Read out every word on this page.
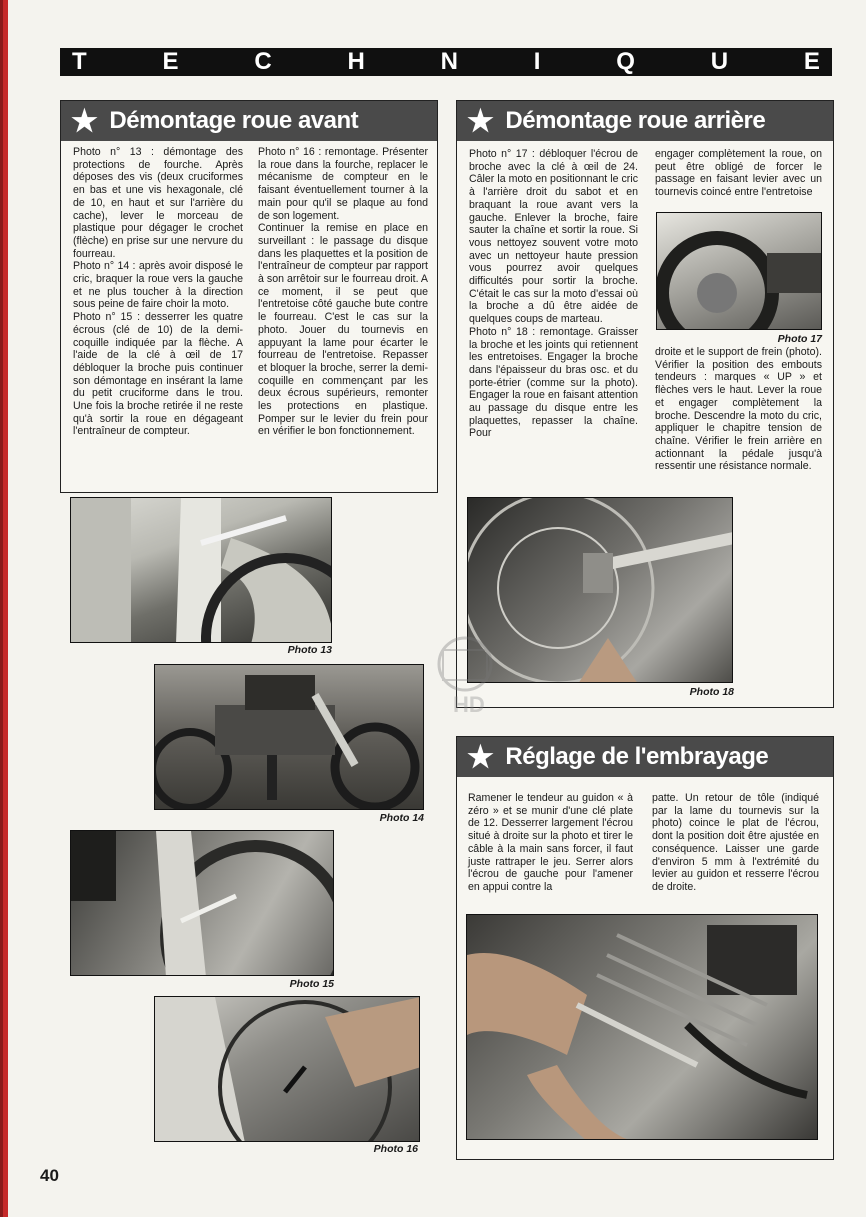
T	E	C	H	N	I	Q	U	E
★ Démontage roue avant

Photo n° 13 : démontage des protections de fourche. Après déposes des vis (deux cruciformes en bas et une vis hexagonale, clé de 10, en haut et sur l'arrière du cache), lever le morceau de plastique pour dégager le crochet (flèche) en prise sur une nervure du fourreau.

Photo n° 14 : après avoir disposé le cric, braquer la roue vers la gauche et ne plus toucher à la direction sous peine de faire choir la moto.

Photo n° 15 : desserrer les quatre écrous (clé de 10) de la demi-coquille indiquée par la flèche. A l'aide de la clé à œil de 17 débloquer la broche puis continuer son démontage en insérant la lame du petit cruciforme dans le trou. Une fois la broche retirée il ne reste qu'à sortir la roue en dégageant l'entraîneur de compteur.

Photo n° 16 : remontage. Présenter la roue dans la fourche, replacer le mécanisme de compteur en le faisant éventuellement tourner à la main pour qu'il se plaque au fond de son logement.

Continuer la remise en place en surveillant : le passage du disque dans les plaquettes et la position de l'entraîneur de compteur par rapport à son arrêtoir sur le fourreau droit. A ce moment, il se peut que l'entretoise côté gauche bute contre le fourreau. C'est le cas sur la photo. Jouer du tournevis en appuyant la lame pour écarter le fourreau de l'entretoise. Repasser et bloquer la broche, serrer la demi-coquille en commençant par les deux écrous supérieurs, remonter les protections en plastique. Pomper sur le levier du frein pour en vérifier le bon fonctionnement.

Photo 13
Photo 14
Photo 15
Photo 16
★ Démontage roue arrière

Photo n° 17 : débloquer l'écrou de broche avec la clé à œil de 24. Câler la moto en positionnant le cric à l'arrière droit du sabot et en braquant la roue avant vers la gauche. Enlever la broche, faire sauter la chaîne et sortir la roue. Si vous nettoyez souvent votre moto avec un nettoyeur haute pression vous pourrez avoir quelques difficultés pour sortir la broche. C'était le cas sur la moto d'essai où la broche a dû être aidée de quelques coups de marteau.

Photo n° 18 : remontage. Graisser la broche et les joints qui retiennent les entretoises. Engager la broche dans l'épaisseur du bras osc. et du porte-étrier (comme sur la photo). Engager la roue en faisant attention au passage du disque entre les plaquettes, repasser la chaîne. Pour

engager complètement la roue, on peut être obligé de forcer le passage en faisant levier avec un tournevis coincé entre l'entretoise

Photo 17

droite et le support de frein (photo). Vérifier la position des embouts tendeurs : marques « UP » et flèches vers le haut. Lever la roue et engager complètement la broche. Descendre la moto du cric, appliquer le chapitre tension de chaîne. Vérifier le frein arrière en actionnant la pédale jusqu'à ressentir une résistance normale.

Photo 18
★ Réglage de l'embrayage

Ramener le tendeur au guidon « à zéro » et se munir d'une clé plate de 12. Desserrer largement l'écrou situé à droite sur la photo et tirer le câble à la main sans forcer, il faut juste rattraper le jeu. Serrer alors l'écrou de gauche pour l'amener en appui contre la

patte. Un retour de tôle (indiqué par la lame du tournevis sur la photo) coince le plat de l'écrou, dont la position doit être ajustée en conséquence. Laisser une garde d'environ 5 mm à l'extrémité du levier au guidon et resserre l'écrou de droite.

HD
40
